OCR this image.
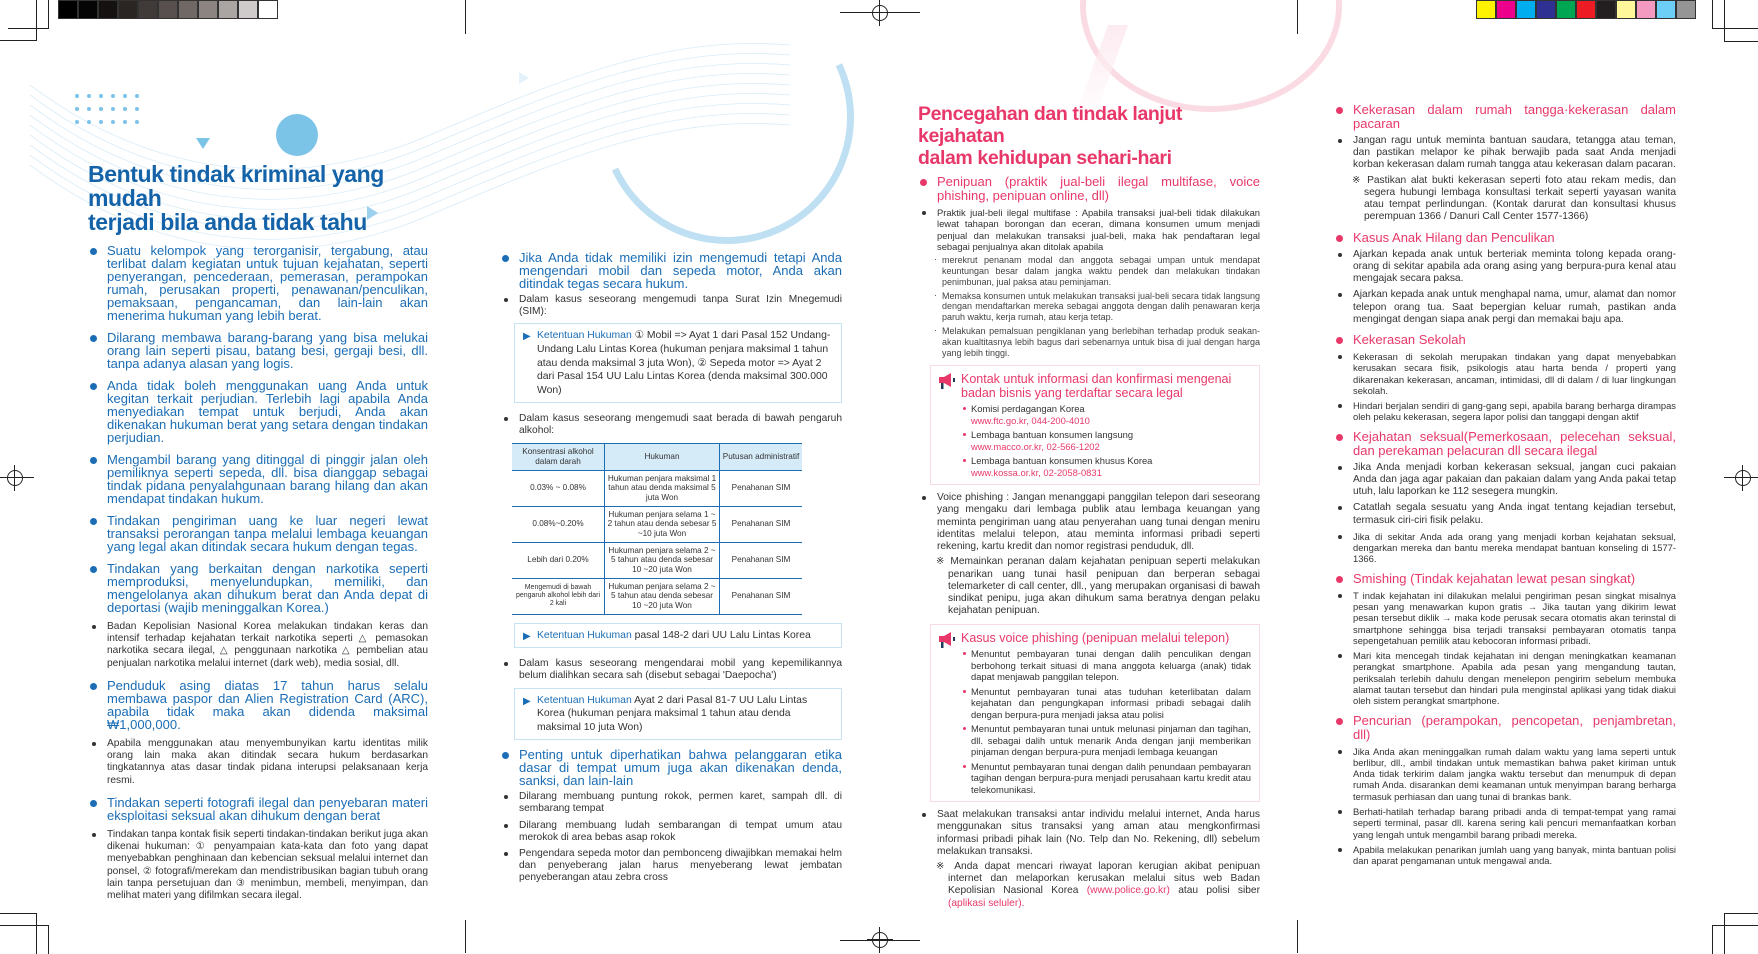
Bentuk tindak kriminal yang mudah
terjadi bila anda tidak tahu
Suatu kelompok yang terorganisir, tergabung, atau terlibat dalam kegiatan untuk tujuan kejahatan, seperti penyerangan, pencederaan, pemerasan, perampokan rumah, perusakan properti, penawanan/penculikan, pemaksaan, pengancaman, dan lain-lain akan menerima hukuman yang lebih berat.
Dilarang membawa barang-barang yang bisa melukai orang lain seperti pisau, batang besi, gergaji besi, dll. tanpa adanya alasan yang logis.
Anda tidak boleh menggunakan uang Anda untuk kegitan terkait perjudian. Terlebih lagi apabila Anda menyediakan tempat untuk berjudi, Anda akan dikenakan hukuman berat yang setara dengan tindakan perjudian.
Mengambil barang yang ditinggal di pinggir jalan oleh pemiliknya seperti sepeda, dll. bisa dianggap sebagai tindak pidana penyalahgunaan barang hilang dan akan mendapat tindakan hukum.
Tindakan pengiriman uang ke luar negeri lewat transaksi perorangan tanpa melalui lembaga keuangan yang legal akan ditindak secara hukum dengan tegas.
Tindakan yang berkaitan dengan narkotika seperti memproduksi, menyelundupkan, memiliki, dan mengelolanya akan dihukum berat dan Anda depat di deportasi (wajib meninggalkan Korea.)
Badan Kepolisian Nasional Korea melakukan tindakan keras dan intensif terhadap kejahatan terkait narkotika seperti △ pemasokan narkotika secara ilegal, △ penggunaan narkotika △ pembelian atau penjualan narkotika melalui internet (dark web), media sosial, dll.
Penduduk asing diatas 17 tahun harus selalu membawa paspor dan Alien Registration Card (ARC), apabila tidak maka akan didenda maksimal ₩1,000,000.
Apabila menggunakan atau menyembunyikan kartu identitas milik orang lain maka akan ditindak secara hukum berdasarkan tingkatannya atas dasar tindak pidana interupsi pelaksanaan kerja resmi.
Tindakan seperti fotografi ilegal dan penyebaran materi eksploitasi seksual akan dihukum dengan berat
Tindakan tanpa kontak fisik seperti tindakan-tindakan berikut juga akan dikenai hukuman: ① penyampaian kata-kata dan foto yang dapat menyebabkan penghinaan dan kebencian seksual melalui internet dan ponsel, ② fotografi/merekam dan mendistribusikan bagian tubuh orang lain tanpa persetujuan dan ③ menimbun, membeli, menyimpan, dan melihat materi yang difilmkan secara ilegal.
Jika Anda tidak memiliki izin mengemudi tetapi Anda mengendari mobil dan sepeda motor, Anda akan ditindak tegas secara hukum.
Dalam kasus seseorang mengemudi tanpa Surat Izin Mnegemudi (SIM):
▶ Ketentuan Hukuman ① Mobil => Ayat 1 dari Pasal 152 Undang-Undang Lalu Lintas Korea (hukuman penjara maksimal 1 tahun atau denda maksimal 3 juta Won), ② Sepeda motor => Ayat 2 dari Pasal 154 UU Lalu Lintas Korea (denda maksimal 300.000 Won)
Dalam kasus seseorang mengemudi saat berada di bawah pengaruh alkohol:
Konsentrasi alkohol dalam darah	Hukuman	Putusan administratif
0.03% ~ 0.08%	Hukuman penjara maksimal 1 tahun atau denda maksimal 5 juta Won	Penahanan SIM
0.08%~0.20%	Hukuman penjara selama 1 ~ 2 tahun atau denda sebesar 5 ~10 juta Won	Penahanan SIM
Lebih dari 0.20%	Hukuman penjara selama 2 ~ 5 tahun atau denda sebesar 10 ~20 juta Won	Penahanan SIM
Mengemudi di bawah pengaruh alkohol lebih dari 2 kali	Hukuman penjara selama 2 ~ 5 tahun atau denda sebesar 10 ~20 juta Won	Penahanan SIM
▶ Ketentuan Hukuman pasal 148-2 dari UU Lalu Lintas Korea
Dalam kasus seseorang mengendarai mobil yang kepemilikannya belum dialihkan secara sah (disebut sebagai 'Daepocha')
▶ Ketentuan Hukuman Ayat 2 dari Pasal 81-7 UU Lalu Lintas Korea (hukuman penjara maksimal 1 tahun atau denda maksimal 10 juta Won)
Penting untuk diperhatikan bahwa pelanggaran etika dasar di tempat umum juga akan dikenakan denda, sanksi, dan lain-lain
Dilarang membuang puntung rokok, permen karet, sampah dll. di sembarang tempat
Dilarang membuang ludah sembarangan di tempat umum atau merokok di area bebas asap rokok
Pengendara sepeda motor dan pembonceng diwajibkan memakai helm dan penyeberang jalan harus menyeberang lewat jembatan penyeberangan atau zebra cross
Pencegahan dan tindak lanjut kejahatan
dalam kehidupan sehari-hari
Penipuan (praktik jual-beli ilegal multifase, voice phishing, penipuan online, dll)
Praktik jual-beli ilegal multifase : Apabila transaksi jual-beli tidak dilakukan lewat tahapan borongan dan eceran, dimana konsumen umum menjadi penjual dan melakukan transaksi jual-beli, maka hak pendaftaran legal sebagai penjualnya akan ditolak apabila
· merekrut penanam modal dan anggota sebagai umpan untuk mendapat keuntungan besar dalam jangka waktu pendek dan melakukan tindakan penimbunan, jual paksa atau peminjaman.
· Memaksa konsumen untuk melakukan transaksi jual-beli secara tidak langsung dengan mendaftarkan mereka sebagai anggota dengan dalih penawaran kerja paruh waktu, kerja rumah, atau kerja tetap.
· Melakukan pemalsuan pengiklanan yang berlebihan terhadap produk seakan-akan kualtitasnya lebih bagus dari sebenarnya untuk bisa di jual dengan harga yang lebih tinggi.
Kontak untuk informasi dan konfirmasi mengenai badan bisnis yang terdaftar secara legal
Komisi perdagangan Korea
www.ftc.go.kr, 044-200-4010
Lembaga bantuan konsumen langsung
www.macco.or.kr, 02-566-1202
Lembaga bantuan konsumen khusus Korea
www.kossa.or.kr, 02-2058-0831
Voice phishing : Jangan menanggapi panggilan telepon dari seseorang yang mengaku dari lembaga publik atau lembaga keuangan yang meminta pengiriman uang atau penyerahan uang tunai dengan meniru identitas melalui telepon, atau meminta informasi pribadi seperti rekening, kartu kredit dan nomor registrasi penduduk, dll.
※ Memainkan peranan dalam kejahatan penipuan seperti melakukan penarikan uang tunai hasil penipuan dan berperan sebagai telemarketer di call center, dll., yang merupakan organisasi di bawah sindikat penipu, juga akan dihukum sama beratnya dengan pelaku kejahatan penipuan.
Kasus voice phishing (penipuan melalui telepon)
Menuntut pembayaran tunai dengan dalih penculikan dengan berbohong terkait situasi di mana anggota keluarga (anak) tidak dapat menjawab panggilan telepon.
Menuntut pembayaran tunai atas tuduhan keterlibatan dalam kejahatan dan pengungkapan informasi pribadi sebagai dalih dengan berpura-pura menjadi jaksa atau polisi
Menuntut pembayaran tunai untuk melunasi pinjaman dan tagihan, dll. sebagai dalih untuk menarik Anda dengan janji memberikan pinjaman dengan berpura-pura menjadi lembaga keuangan
Menuntut pembayaran tunai dengan dalih penundaan pembayaran tagihan dengan berpura-pura menjadi perusahaan kartu kredit atau telekomunikasi.
Saat melakukan transaksi antar individu melalui internet, Anda harus menggunakan situs transaksi yang aman atau mengkonfirmasi informasi pribadi pihak lain (No. Telp dan No. Rekening, dll) sebelum melakukan transaksi.
※ Anda dapat mencari riwayat laporan kerugian akibat penipuan internet dan melaporkan kerusakan melalui situs web Badan Kepolisian Nasional Korea (www.police.go.kr) atau polisi siber (aplikasi seluler).
Kekerasan dalam rumah tangga·kekerasan dalam pacaran
Jangan ragu untuk meminta bantuan saudara, tetangga atau teman, dan pastikan melapor ke pihak berwajib pada saat Anda menjadi korban kekerasan dalam rumah tangga atau kekerasan dalam pacaran.
※ Pastikan alat bukti kekerasan seperti foto atau rekam medis, dan segera hubungi lembaga konsultasi terkait seperti yayasan wanita atau tempat perlindungan. (Kontak darurat dan konsultasi khusus perempuan 1366 / Danuri Call Center 1577-1366)
Kasus Anak Hilang dan Penculikan
Ajarkan kepada anak untuk berteriak meminta tolong kepada orang-orang di sekitar apabila ada orang asing yang berpura-pura kenal atau mengajak secara paksa.
Ajarkan kepada anak untuk menghapal nama, umur, alamat dan nomor telepon orang tua. Saat bepergian keluar rumah, pastikan anda mengingat dengan siapa anak pergi dan memakai baju apa.
Kekerasan Sekolah
Kekerasan di sekolah merupakan tindakan yang dapat menyebabkan kerusakan secara fisik, psikologis atau harta benda / properti yang dikarenakan kekerasan, ancaman, intimidasi, dll di dalam / di luar lingkungan sekolah.
Hindari berjalan sendiri di gang-gang sepi, apabila barang berharga dirampas oleh pelaku kekerasan, segera lapor polisi dan tanggapi dengan aktif
Kejahatan seksual(Pemerkosaan, pelecehan seksual, dan perekaman pelacuran dll secara ilegal
Jika Anda menjadi korban kekerasan seksual, jangan cuci pakaian Anda dan jaga agar pakaian dan pakaian dalam yang Anda pakai tetap utuh, lalu laporkan ke 112 sesegera mungkin.
Catatlah segala sesuatu yang Anda ingat tentang kejadian tersebut, termasuk ciri-ciri fisik pelaku.
Jika di sekitar Anda ada orang yang menjadi korban kejahatan seksual, dengarkan mereka dan bantu mereka mendapat bantuan konseling di 1577-1366.
Smishing (Tindak kejahatan lewat pesan singkat)
T indak kejahatan ini dilakukan melalui pengiriman pesan singkat misalnya pesan yang menawarkan kupon gratis → Jika tautan yang dikirim lewat pesan tersebut diklik → maka kode perusak secara otomatis akan terinstal di smartphone sehingga bisa terjadi transaksi pembayaran otomatis tanpa sepengetahuan pemilik atau kebocoran informasi pribadi.
Mari kita mencegah tindak kejahatan ini dengan meningkatkan keamanan perangkat smartphone. Apabila ada pesan yang mengandung tautan, periksalah terlebih dahulu dengan menelepon pengirim sebelum membuka alamat tautan tersebut dan hindari pula menginstal aplikasi yang tidak diakui oleh sistem perangkat smartphone.
Pencurian (perampokan, pencopetan, penjambretan, dll)
Jika Anda akan meninggalkan rumah dalam waktu yang lama seperti untuk berlibur, dll., ambil tindakan untuk memastikan bahwa paket kiriman untuk Anda tidak terkirim dalam jangka waktu tersebut dan menumpuk di depan rumah Anda. disarankan demi keamanan untuk menyimpan barang berharga termasuk perhiasan dan uang tunai di brankas bank.
Berhati-hatilah terhadap barang pribadi anda di tempat-tempat yang ramai seperti terminal, pasar dll. karena sering kali pencuri memanfaatkan korban yang lengah untuk mengambil barang pribadi mereka.
Apabila melakukan penarikan jumlah uang yang banyak, minta bantuan polisi dan aparat pengamanan untuk mengawal anda.
